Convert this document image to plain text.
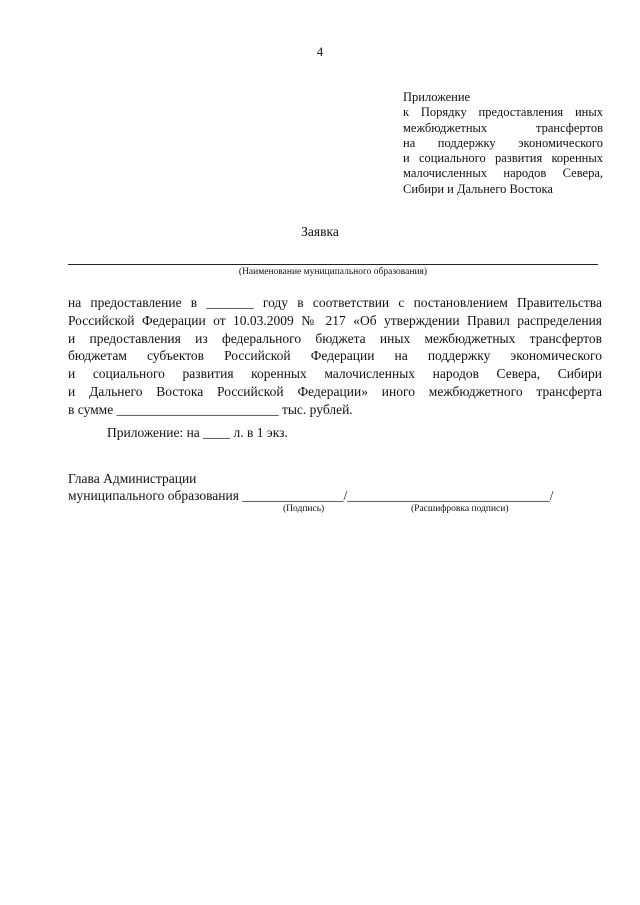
4
Приложение
к Порядку предоставления иных
межбюджетных трансфертов
на поддержку экономического
и социального развития коренных
малочисленных народов Севера,
Сибири и Дальнего Востока
Заявка
(Наименование муниципального образования)
на предоставление в _______ году в соответствии с постановлением Правительства
Российской Федерации от 10.03.2009 № 217 «Об утверждении Правил распределения
и предоставления из федерального бюджета иных межбюджетных трансфертов
бюджетам субъектов Российской Федерации на поддержку экономического
и социального развития коренных малочисленных народов Севера, Сибири
и Дальнего Востока Российской Федерации» иного межбюджетного трансферта
в сумме ________________________ тыс. рублей.
Приложение: на ____ л. в 1 экз.
Глава Администрации
муниципального образования _______________/______________________________/
(Подпись)	(Расшифровка подписи)
